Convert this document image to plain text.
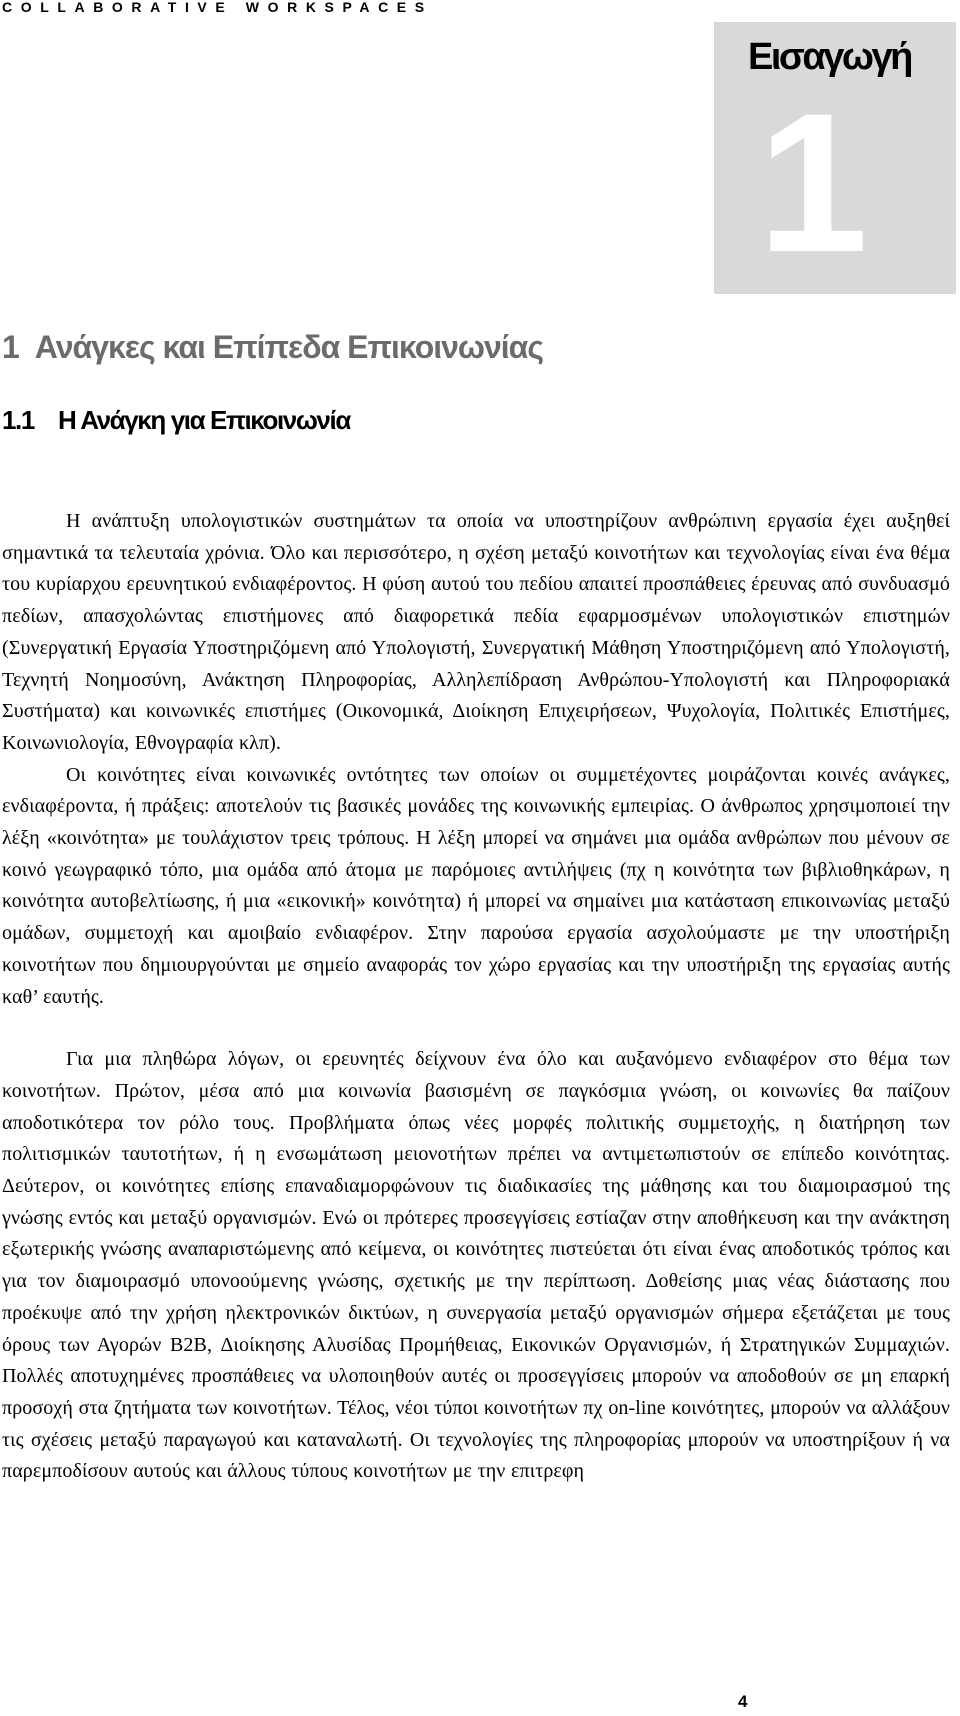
COLLABORATIVE WORKSPACES
1
Εισαγωγή
1 Ανάγκες και Επίπεδα Επικοινωνίας
1.1 Η Ανάγκη για Επικοινωνία

Η ανάπτυξη υπολογιστικών συστημάτων τα οποία να υποστηρίζουν ανθρώπινη εργασία έχει αυξηθεί σημαντικά τα τελευταία χρόνια. Όλο και περισσότερο, η σχέση μεταξύ κοινοτήτων και τεχνολογίας είναι ένα θέμα του κυρίαρχου ερευνητικού ενδιαφέροντος. Η φύση αυτού του πεδίου απαιτεί προσπάθειες έρευνας από συνδυασμό πεδίων, απασχολώντας επιστήμονες από διαφορετικά πεδία εφαρμοσμένων υπολογιστικών επιστημών (Συνεργατική Εργασία Υποστηριζόμενη από Υπολογιστή, Συνεργατική Μάθηση Υποστηριζόμενη από Υπολογιστή, Τεχνητή Νοημοσύνη, Ανάκτηση Πληροφορίας, Αλληλεπίδραση Ανθρώπου-Υπολογιστή και Πληροφοριακά Συστήματα) και κοινωνικές επιστήμες (Οικονομικά, Διοίκηση Επιχειρήσεων, Ψυχολογία, Πολιτικές Επιστήμες, Κοινωνιολογία, Εθνογραφία κλπ).

Οι κοινότητες είναι κοινωνικές οντότητες των οποίων οι συμμετέχοντες μοιράζονται κοινές ανάγκες, ενδιαφέροντα, ή πράξεις: αποτελούν τις βασικές μονάδες της κοινωνικής εμπειρίας. Ο άνθρωπος χρησιμοποιεί την λέξη «κοινότητα» με τουλάχιστον τρεις τρόπους. Η λέξη μπορεί να σημάνει μια ομάδα ανθρώπων που μένουν σε κοινό γεωγραφικό τόπο, μια ομάδα από άτομα με παρόμοιες αντιλήψεις (πχ η κοινότητα των βιβλιοθηκάρων, η κοινότητα αυτοβελτίωσης, ή μια «εικονική» κοινότητα) ή μπορεί να σημαίνει μια κατάσταση επικοινωνίας μεταξύ ομάδων, συμμετοχή και αμοιβαίο ενδιαφέρον. Στην παρούσα εργασία ασχολούμαστε με την υποστήριξη κοινοτήτων που δημιουργούνται με σημείο αναφοράς τον χώρο εργασίας και την υποστήριξη της εργασίας αυτής καθ’ εαυτής.

Για μια πληθώρα λόγων, οι ερευνητές δείχνουν ένα όλο και αυξανόμενο ενδιαφέρον στο θέμα των κοινοτήτων. Πρώτον, μέσα από μια κοινωνία βασισμένη σε παγκόσμια γνώση, οι κοινωνίες θα παίζουν αποδοτικότερα τον ρόλο τους. Προβλήματα όπως νέες μορφές πολιτικής συμμετοχής, η διατήρηση των πολιτισμικών ταυτοτήτων, ή η ενσωμάτωση μειονοτήτων πρέπει να αντιμετωπιστούν σε επίπεδο κοινότητας. Δεύτερον, οι κοινότητες επίσης επαναδιαμορφώνουν τις διαδικασίες της μάθησης και του διαμοιρασμού της γνώσης εντός και μεταξύ οργανισμών. Ενώ οι πρότερες προσεγγίσεις εστίαζαν στην αποθήκευση και την ανάκτηση εξωτερικής γνώσης αναπαριστώμενης από κείμενα, οι κοινότητες πιστεύεται ότι είναι ένας αποδοτικός τρόπος και για τον διαμοιρασμό υπονοούμενης γνώσης, σχετικής με την περίπτωση. Δοθείσης μιας νέας διάστασης που προέκυψε από την χρήση ηλεκτρονικών δικτύων, η συνεργασία μεταξύ οργανισμών σήμερα εξετάζεται με τους όρους των Αγορών B2B, Διοίκησης Αλυσίδας Προμήθειας, Εικονικών Οργανισμών, ή Στρατηγικών Συμμαχιών. Πολλές αποτυχημένες προσπάθειες να υλοποιηθούν αυτές οι προσεγγίσεις μπορούν να αποδοθούν σε μη επαρκή προσοχή στα ζητήματα των κοινοτήτων. Τέλος, νέοι τύποι κοινοτήτων πχ on-line κοινότητες, μπορούν να αλλάξουν τις σχέσεις μεταξύ παραγωγού και καταναλωτή. Οι τεχνολογίες της πληροφορίας μπορούν να υποστηρίξουν ή να παρεμποδίσουν αυτούς και άλλους τύπους κοινοτήτων με την επιτρεφη

4
